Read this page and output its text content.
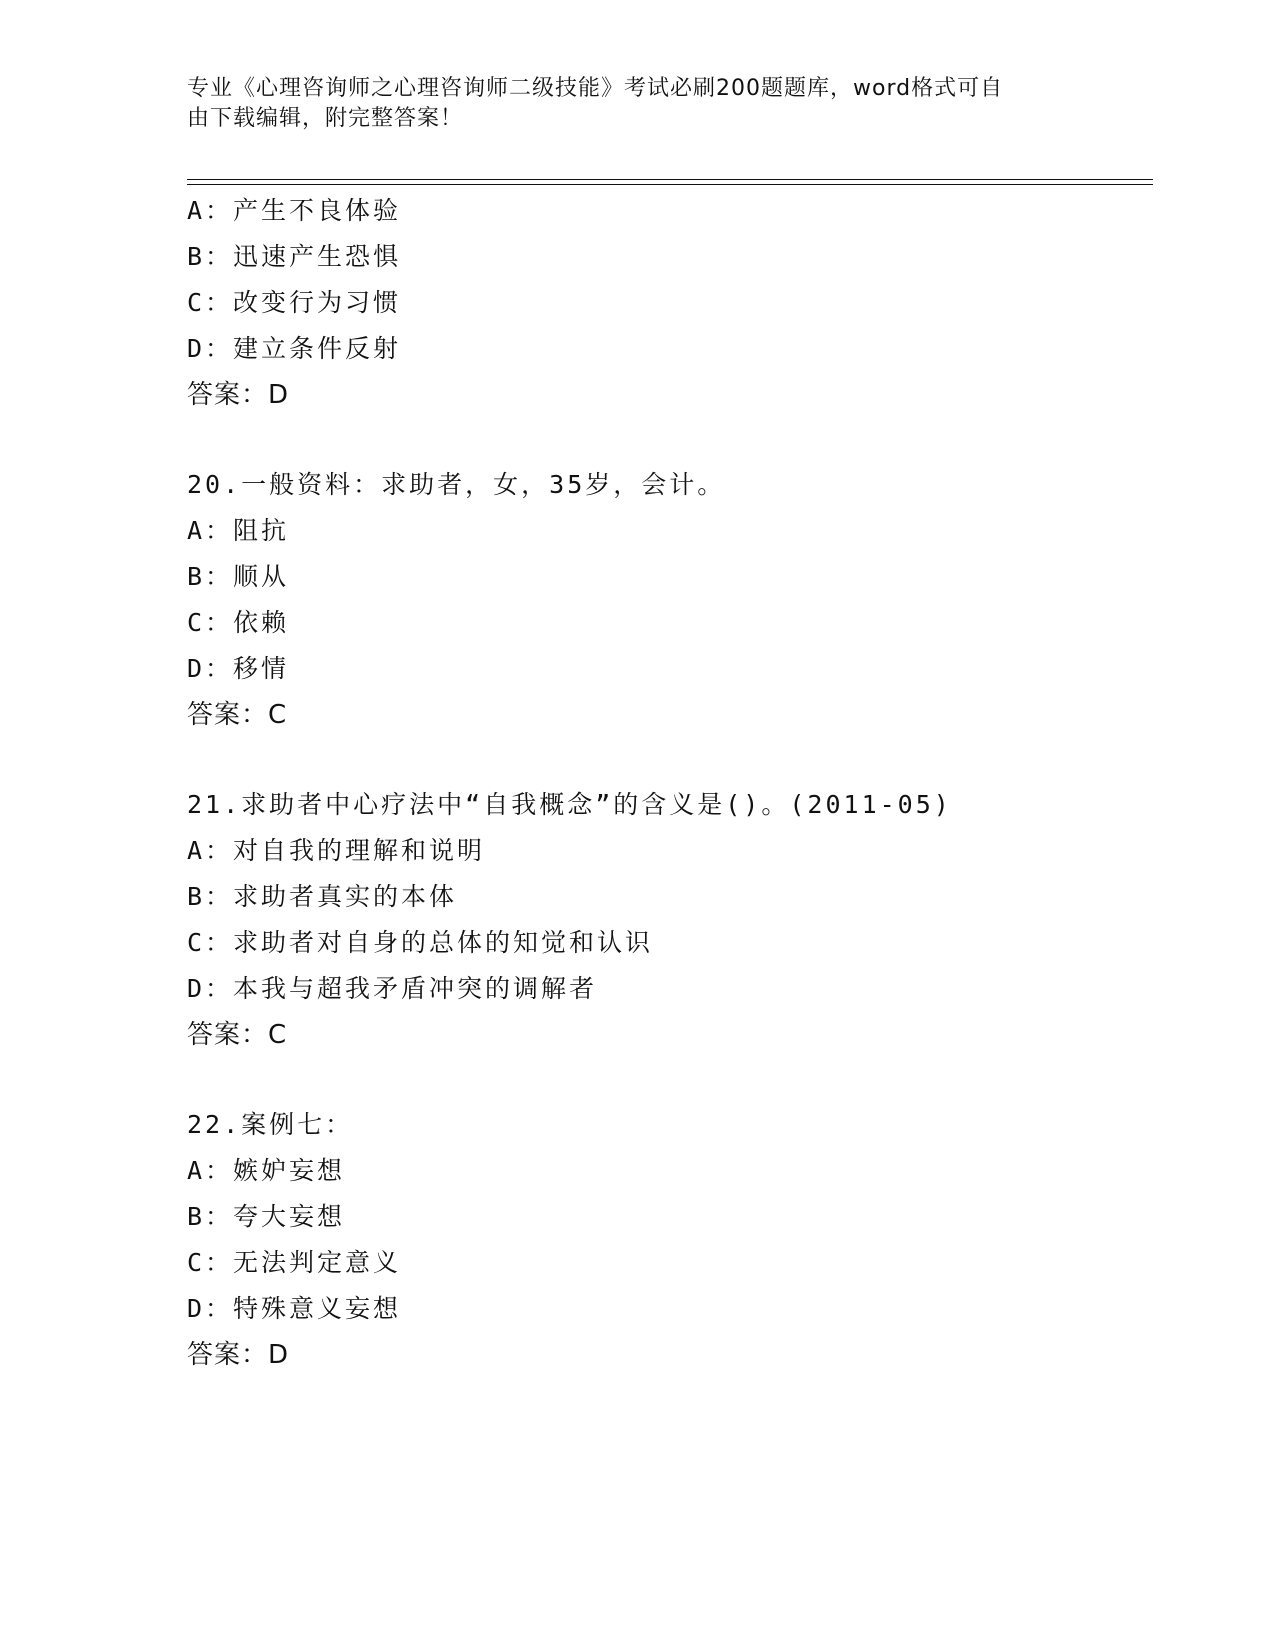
专业《心理咨询师之心理咨询师二级技能》考试必刷200题题库，word格式可自
由下载编辑，附完整答案！
A：产生不良体验
B：迅速产生恐惧
C：改变行为习惯
D：建立条件反射
答案：D
20.一般资料：求助者，女，35岁，会计。
A：阻抗
B：顺从
C：依赖
D：移情
答案：C
21.求助者中心疗法中“自我概念”的含义是()。(2011-05)
A：对自我的理解和说明
B：求助者真实的本体
C：求助者对自身的总体的知觉和认识
D：本我与超我矛盾冲突的调解者
答案：C
22.案例七：
A：嫉妒妄想
B：夸大妄想
C：无法判定意义
D：特殊意义妄想
答案：D
